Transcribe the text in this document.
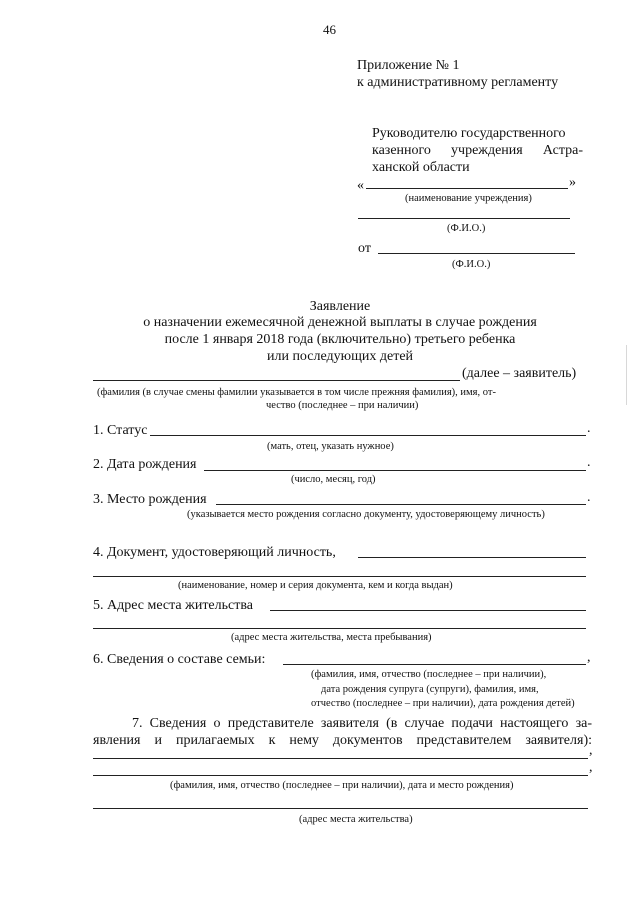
46
Приложение № 1
к административному регламенту
Руководителю государственного
казенного учреждения Астра-
ханской области
«	»
(наименование учреждения)
(Ф.И.О.)
от
(Ф.И.О.)
Заявление
о назначении ежемесячной денежной выплаты в случае рождения
после 1 января 2018 года (включительно) третьего ребенка
или последующих детей
(далее – заявитель)
(фамилия (в случае смены фамилии указывается в том числе прежняя фамилия), имя, от-
чество (последнее – при наличии)
1. Статус	.
(мать, отец, указать нужное)
2. Дата рождения	.
(число, месяц, год)
3. Место рождения	.
(указывается место рождения согласно документу, удостоверяющему личность)
4. Документ, удостоверяющий личность,
(наименование, номер и серия документа, кем и когда выдан)
5. Адрес места жительства
(адрес места жительства, места пребывания)
6. Сведения о составе семьи:	,
(фамилия, имя, отчество (последнее – при наличии),
дата рождения супруга (супруги), фамилия, имя,
отчество (последнее – при наличии), дата рождения детей)
7. Сведения о представителе заявителя (в случае подачи настоящего за-
явления и прилагаемых к нему документов представителем заявителя):
,
,
(фамилия, имя, отчество (последнее – при наличии), дата и место рождения)
(адрес места жительства)
